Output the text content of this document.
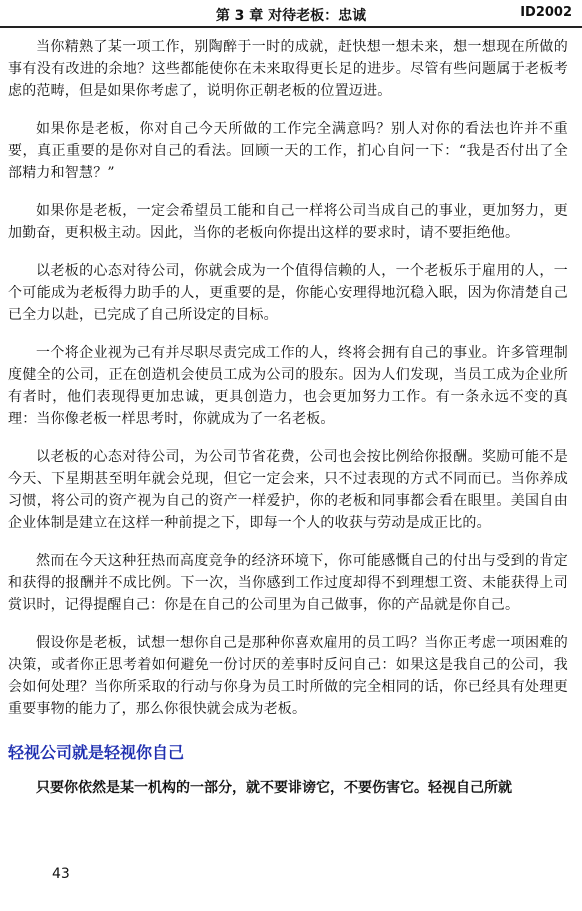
第 3 章 对待老板：忠诚	ID2002

当你精熟了某一项工作，别陶醉于一时的成就，赶快想一想未来，想一想现在所做的事有没有改进的余地？这些都能使你在未来取得更长足的进步。尽管有些问题属于老板考虑的范畴，但是如果你考虑了，说明你正朝老板的位置迈进。

如果你是老板，你对自己今天所做的工作完全满意吗？别人对你的看法也许并不重要，真正重要的是你对自己的看法。回顾一天的工作，扪心自问一下：“我是否付出了全部精力和智慧？”

如果你是老板，一定会希望员工能和自己一样将公司当成自己的事业，更加努力，更加勤奋，更积极主动。因此，当你的老板向你提出这样的要求时，请不要拒绝他。

以老板的心态对待公司，你就会成为一个值得信赖的人，一个老板乐于雇用的人，一个可能成为老板得力助手的人，更重要的是，你能心安理得地沉稳入眠，因为你清楚自己已全力以赴，已完成了自己所设定的目标。

一个将企业视为己有并尽职尽责完成工作的人，终将会拥有自己的事业。许多管理制度健全的公司，正在创造机会使员工成为公司的股东。因为人们发现，当员工成为企业所有者时，他们表现得更加忠诚，更具创造力，也会更加努力工作。有一条永远不变的真理：当你像老板一样思考时，你就成为了一名老板。

以老板的心态对待公司，为公司节省花费，公司也会按比例给你报酬。奖励可能不是今天、下星期甚至明年就会兑现，但它一定会来，只不过表现的方式不同而已。当你养成习惯，将公司的资产视为自己的资产一样爱护，你的老板和同事都会看在眼里。美国自由企业体制是建立在这样一种前提之下，即每一个人的收获与劳动是成正比的。

然而在今天这种狂热而高度竞争的经济环境下，你可能感慨自己的付出与受到的肯定和获得的报酬并不成比例。下一次，当你感到工作过度却得不到理想工资、未能获得上司赏识时，记得提醒自己：你是在自己的公司里为自己做事，你的产品就是你自己。

假设你是老板，试想一想你自己是那种你喜欢雇用的员工吗？当你正考虑一项困难的决策，或者你正思考着如何避免一份讨厌的差事时反问自己：如果这是我自己的公司，我会如何处理？当你所采取的行动与你身为员工时所做的完全相同的话，你已经具有处理更重要事物的能力了，那么你很快就会成为老板。

轻视公司就是轻视你自己

只要你依然是某一机构的一部分，就不要诽谤它，不要伤害它。轻视自己所就

43
